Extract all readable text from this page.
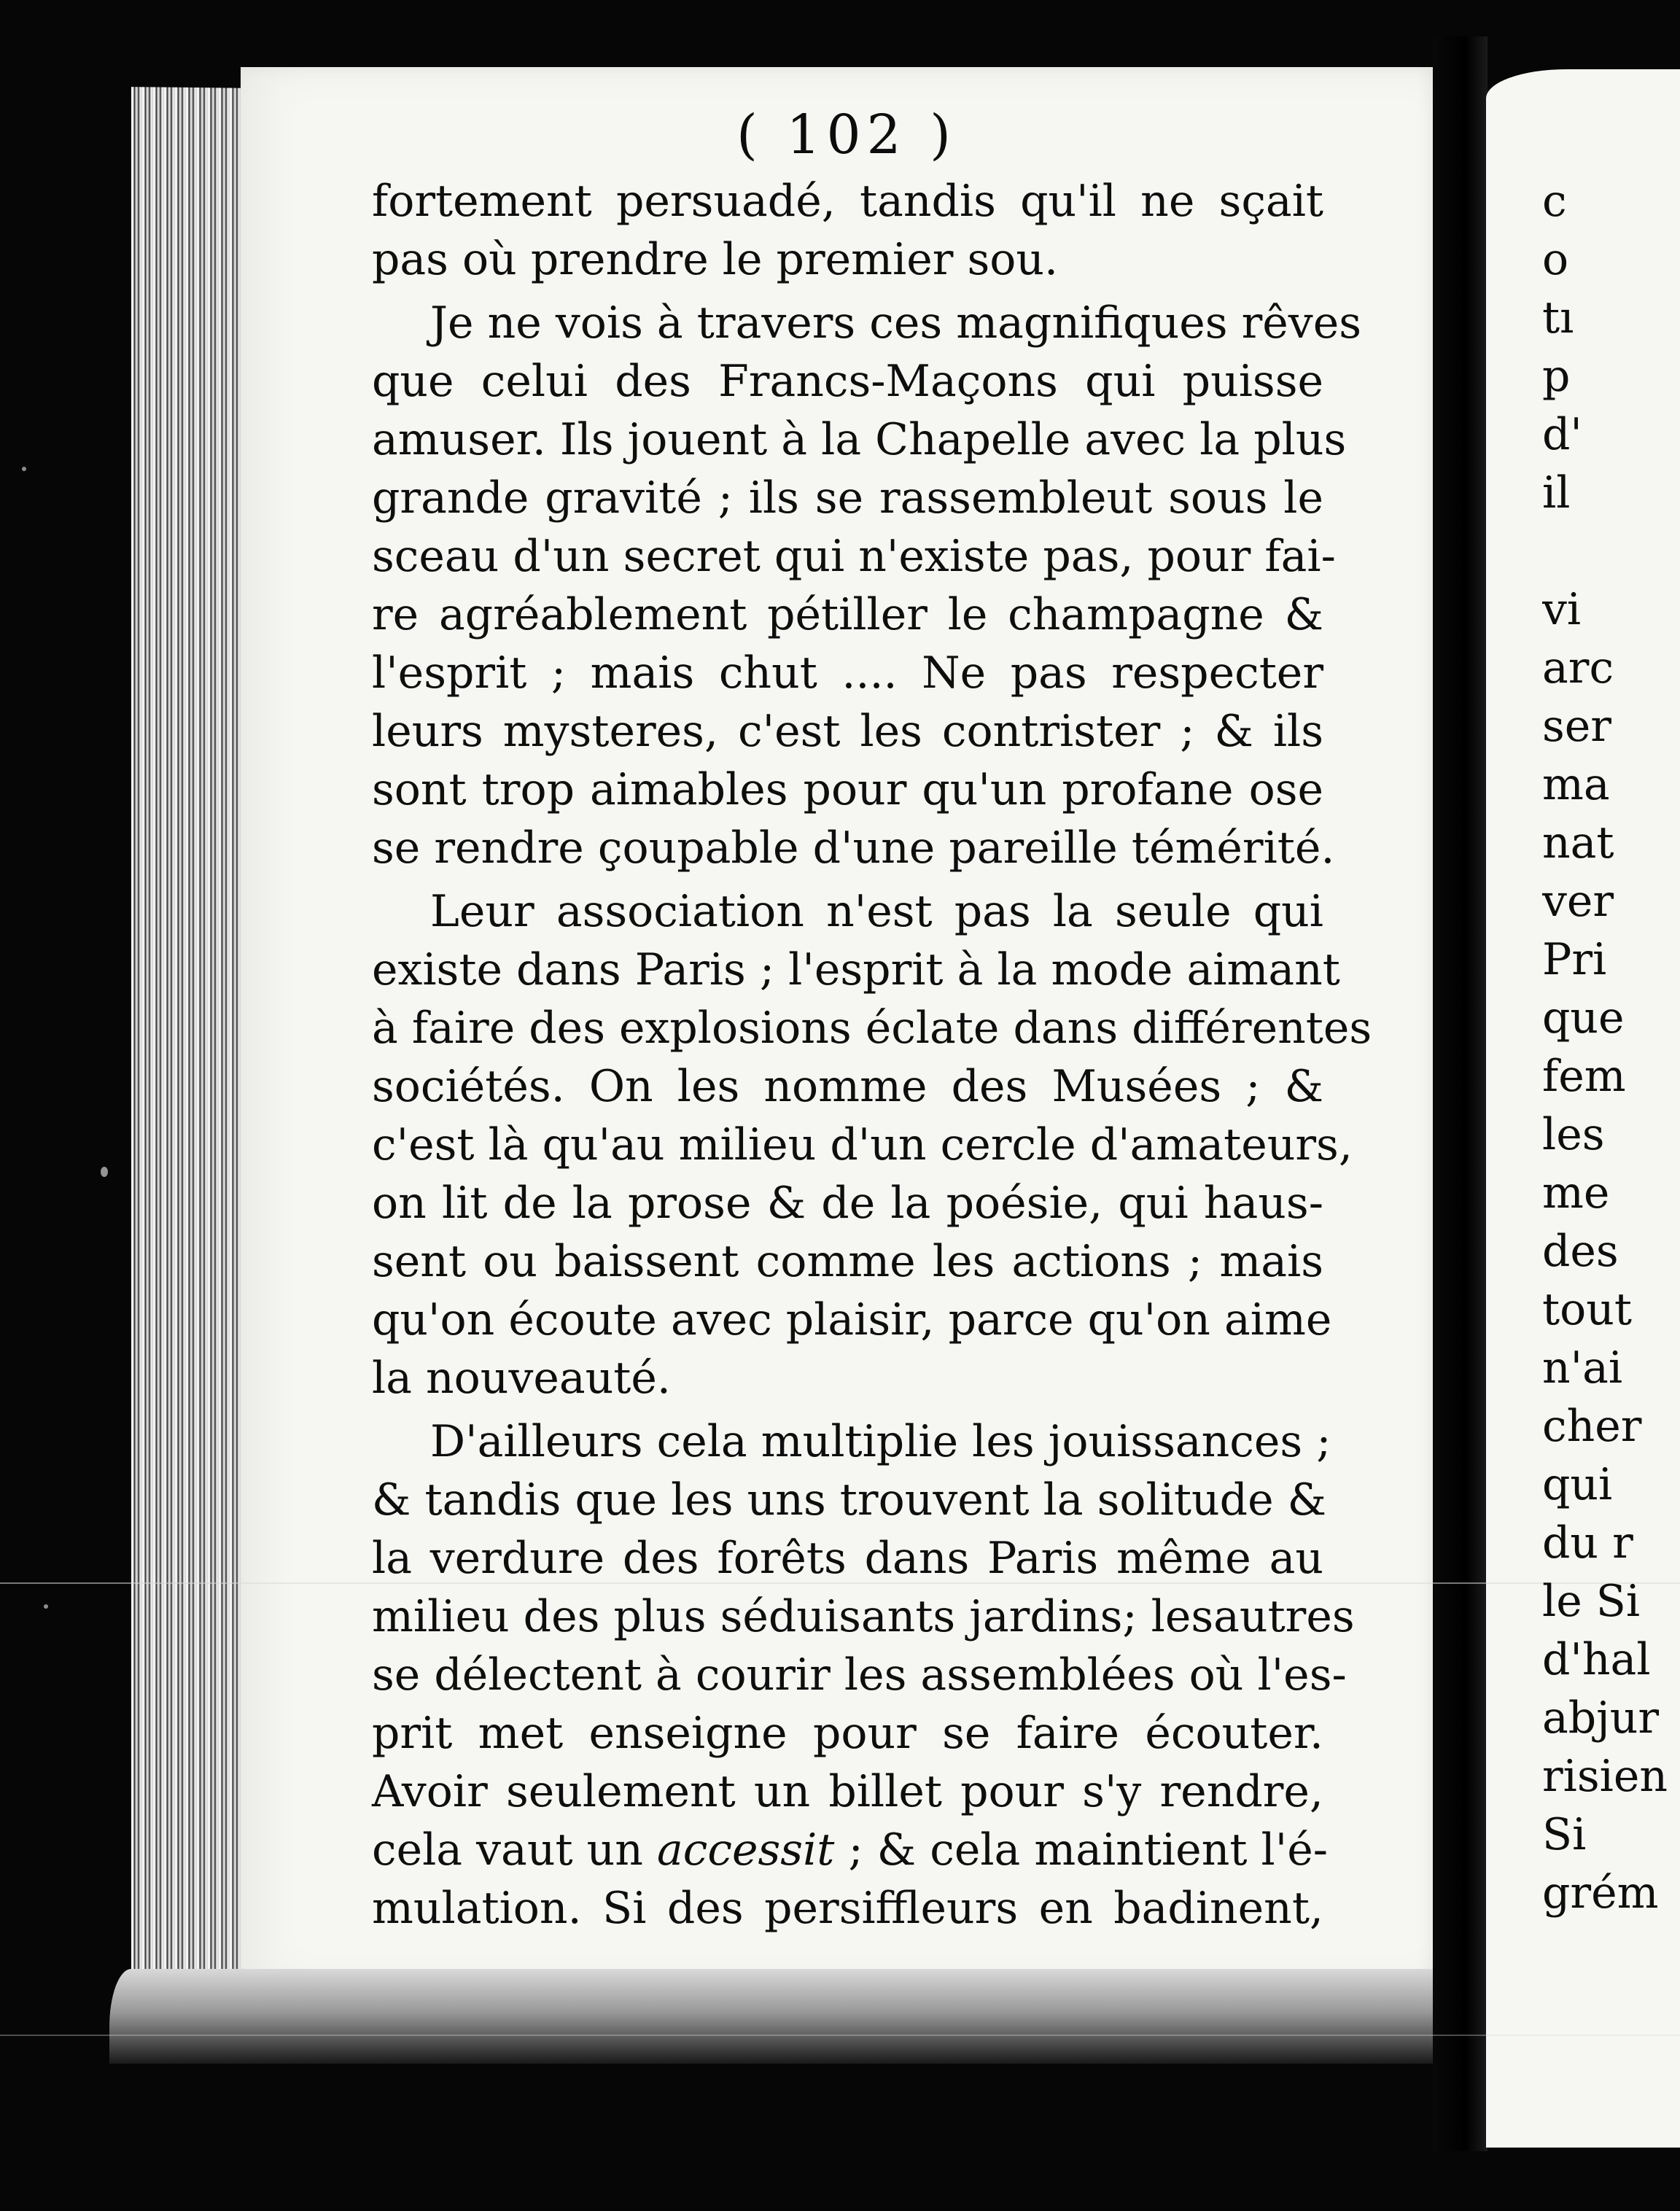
( 102 )
fortement persuadé, tandis qu'il ne sçait
pas où prendre le premier sou.
Je ne vois à travers ces magnifiques rêves
que celui des Francs-Maçons qui puisse
amuser. Ils jouent à la Chapelle avec la plus
grande gravité ; ils se rassembleut sous le
sceau d'un secret qui n'existe pas, pour fai-
re agréablement pétiller le champagne &
l'esprit ; mais chut .... Ne pas respecter
leurs mysteres, c'est les contrister ; & ils
sont trop aimables pour qu'un profane ose
se rendre çoupable d'une pareille témérité.
Leur association n'est pas la seule qui
existe dans Paris ; l'esprit à la mode aimant
à faire des explosions éclate dans différentes
sociétés. On les nomme des Musées ; &
c'est là qu'au milieu d'un cercle d'amateurs,
on lit de la prose & de la poésie, qui haus-
sent ou baissent comme les actions ; mais
qu'on écoute avec plaisir, parce qu'on aime
la nouveauté.
D'ailleurs cela multiplie les jouissances ;
& tandis que les uns trouvent la solitude &
la verdure des forêts dans Paris même au
milieu des plus séduisants jardins; lesautres
se délectent à courir les assemblées où l'es-
prit met enseigne pour se faire écouter.
Avoir seulement un billet pour s'y rendre,
cela vaut un accessit ; & cela maintient l'é-
mulation. Si des persiffleurs en badinent,
c
o
tı
p
d'
il
vi
arc
ser
ma
nat
ver
Pri
que
fem
les
me
des
tout
n'ai
cher
qui
du r
le Si
d'hal
abjur
risien
Si
grém
